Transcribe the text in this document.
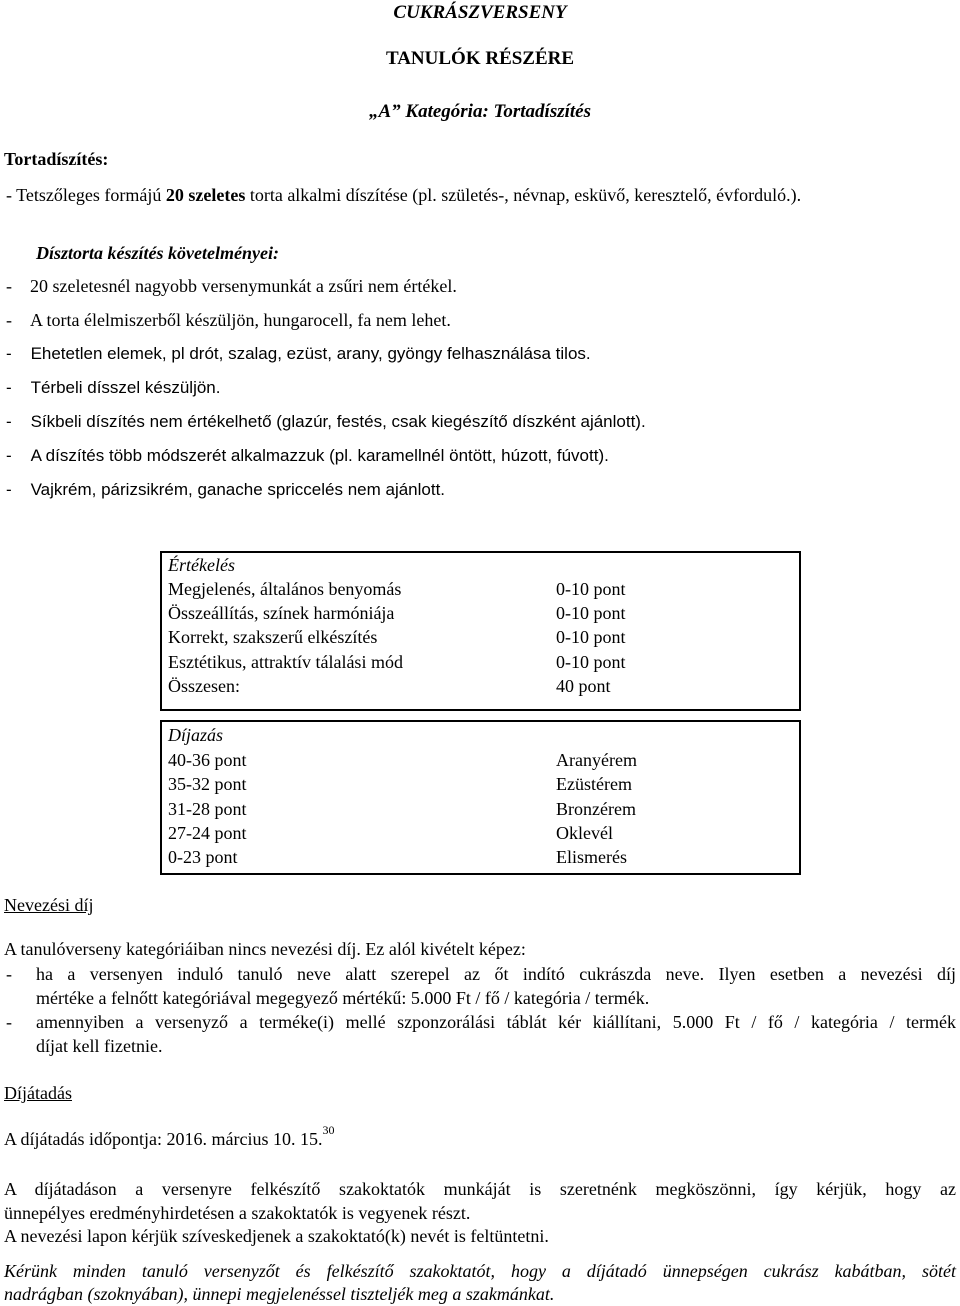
CUKRÁSZVERSENY
TANULÓK RÉSZÉRE
„A” Kategória: Tortadíszítés
Tortadíszítés:
- Tetszőleges formájú 20 szeletes torta alkalmi díszítése (pl. születés-, névnap, esküvő, keresztelő, évforduló.).
Dísztorta készítés követelményei:
-    20 szeletesnél nagyobb versenymunkát a zsűri nem értékel.
-    A torta élelmiszerből készüljön, hungarocell, fa nem lehet.
-    Ehetetlen elemek, pl drót, szalag, ezüst, arany, gyöngy felhasználása tilos.
-    Térbeli dísszel készüljön.
-    Síkbeli díszítés nem értékelhető (glazúr, festés, csak kiegészítő díszként ajánlott).
-    A díszítés több módszerét alkalmazzuk (pl. karamellnél öntött, húzott, fúvott).
-    Vajkrém, párizsikrém, ganache spriccelés nem ajánlott.
Értékelés
Megjelenés, általános benyomás	0-10 pont
Összeállítás, színek harmóniája	0-10 pont
Korrekt, szakszerű elkészítés	0-10 pont
Esztétikus, attraktív tálalási mód	0-10 pont
Összesen:	40 pont
Díjazás
40-36 pont	Aranyérem
35-32 pont	Ezüstérem
31-28 pont	Bronzérem
27-24 pont	Oklevél
0-23 pont	Elismerés
Nevezési díj
A tanulóverseny kategóriáiban nincs nevezési díj. Ez alól kivételt képez:
- ha a versenyen induló tanuló neve alatt szerepel az őt indító cukrászda neve. Ilyen esetben a nevezési díj
mértéke a felnőtt kategóriával megegyező mértékű: 5.000 Ft / fő / kategória / termék.
- amennyiben a versenyző a terméke(i) mellé szponzorálási táblát kér kiállítani, 5.000 Ft / fő / kategória / termék
díjat kell fizetnie.
Díjátadás
A díjátadás időpontja: 2016. március 10. 15.30
A díjátadáson a versenyre felkészítő szakoktatók munkáját is szeretnénk megköszönni, így kérjük, hogy az
ünnepélyes eredményhirdetésen a szakoktatók is vegyenek részt.
A nevezési lapon kérjük szíveskedjenek a szakoktató(k) nevét is feltüntetni.
Kérünk minden tanuló versenyzőt és felkészítő szakoktatót, hogy a díjátadó ünnepségen cukrász kabátban, sötét
nadrágban (szoknyában), ünnepi megjelenéssel tiszteljék meg a szakmánkat.
